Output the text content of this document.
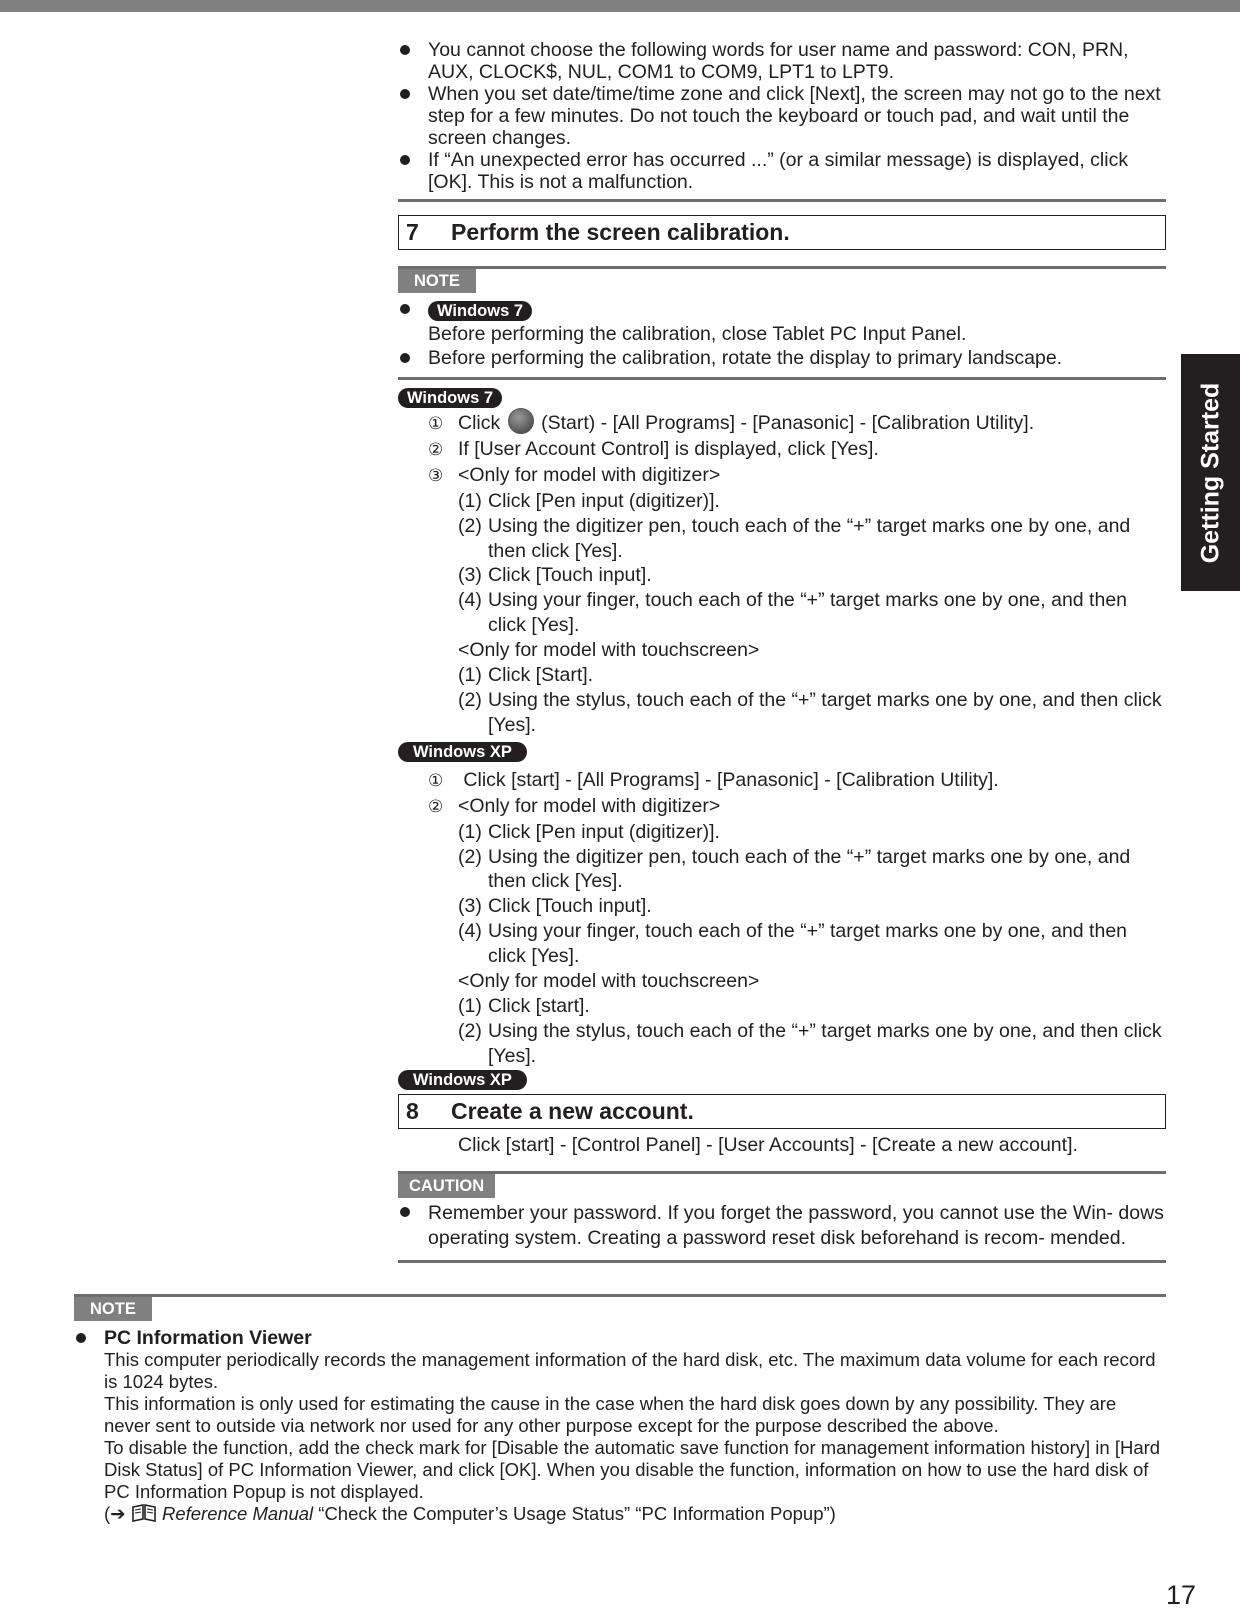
Getting Started
You cannot choose the following words for user name and password: CON, PRN, AUX, CLOCK$, NUL, COM1 to COM9, LPT1 to LPT9.
When you set date/time/time zone and click [Next], the screen may not go to the next step for a few minutes. Do not touch the keyboard or touch pad, and wait until the screen changes.
If “An unexpected error has occurred ...” (or a similar message) is displayed, click [OK]. This is not a malfunction.
7	Perform the screen calibration.
NOTE
Windows 7
Before performing the calibration, close Tablet PC Input Panel.
Before performing the calibration, rotate the display to primary landscape.
Windows 7
① Click (Start) - [All Programs] - [Panasonic] - [Calibration Utility].
② If [User Account Control] is displayed, click [Yes].
③ <Only for model with digitizer>
(1) Click [Pen input (digitizer)].
(2) Using the digitizer pen, touch each of the “+” target marks one by one, and then click [Yes].
(3) Click [Touch input].
(4) Using your finger, touch each of the “+” target marks one by one, and then click [Yes].
<Only for model with touchscreen>
(1) Click [Start].
(2) Using the stylus, touch each of the “+” target marks one by one, and then click [Yes].
Windows XP
① Click [start] - [All Programs] - [Panasonic] - [Calibration Utility].
② <Only for model with digitizer>
(1) Click [Pen input (digitizer)].
(2) Using the digitizer pen, touch each of the “+” target marks one by one, and then click [Yes].
(3) Click [Touch input].
(4) Using your finger, touch each of the “+” target marks one by one, and then click [Yes].
<Only for model with touchscreen>
(1) Click [start].
(2) Using the stylus, touch each of the “+” target marks one by one, and then click [Yes].
Windows XP
8	Create a new account.
Click [start] - [Control Panel] - [User Accounts] - [Create a new account].
CAUTION
Remember your password. If you forget the password, you cannot use the Win- dows operating system. Creating a password reset disk beforehand is recom- mended.
NOTE
PC Information Viewer
This computer periodically records the management information of the hard disk, etc. The maximum data volume for each record is 1024 bytes.
This information is only used for estimating the cause in the case when the hard disk goes down by any possibility. They are never sent to outside via network nor used for any other purpose except for the purpose described the above.
To disable the function, add the check mark for [Disable the automatic save function for management information history] in [Hard Disk Status] of PC Information Viewer, and click [OK]. When you disable the function, information on how to use the hard disk of PC Information Popup is not displayed.
(➔ Reference Manual “Check the Computer’s Usage Status” “PC Information Popup”)
17
